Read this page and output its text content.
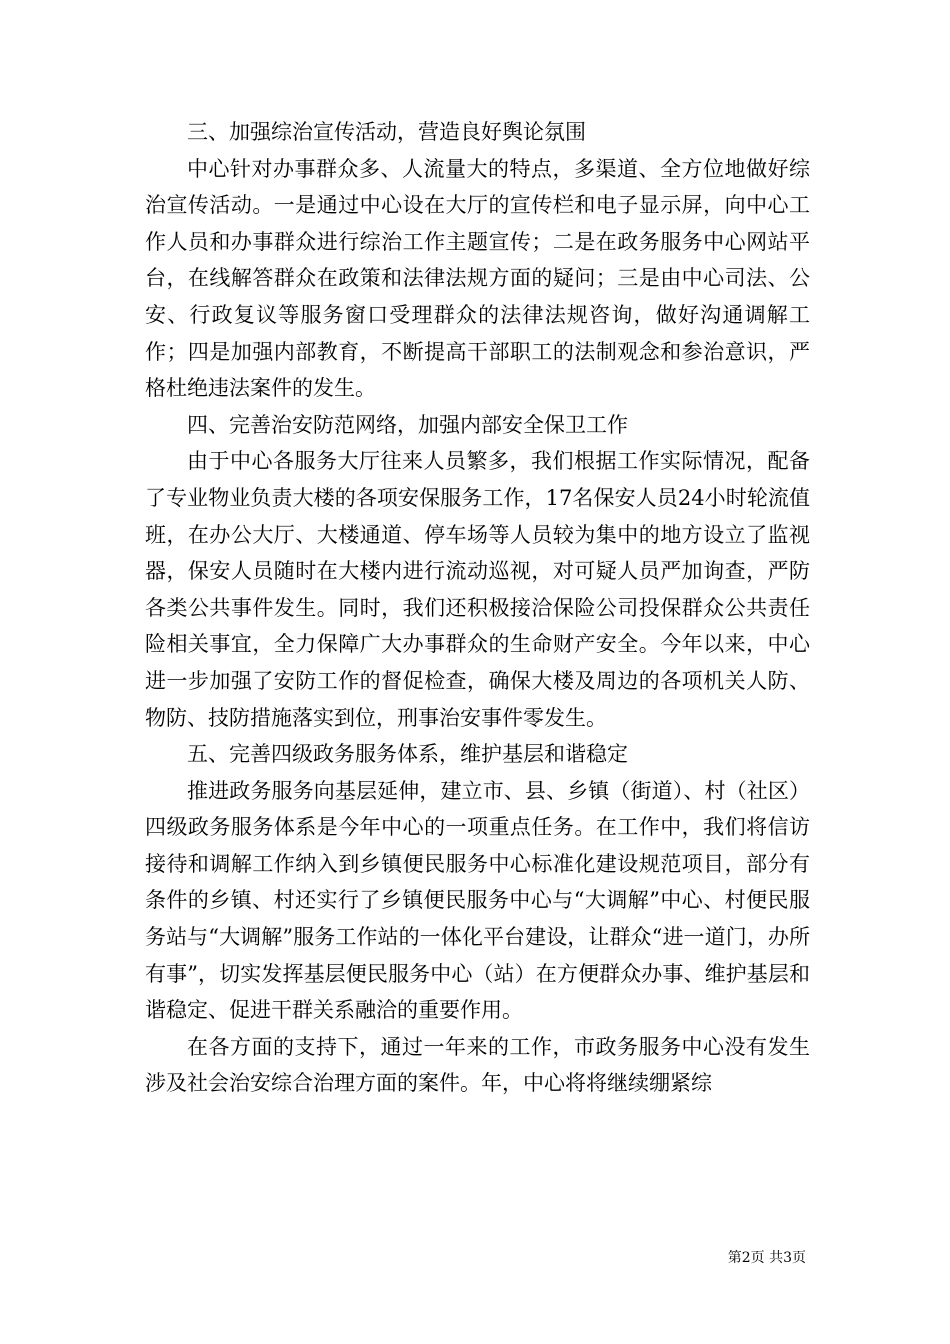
三、加强综治宣传活动，营造良好舆论氛围

中心针对办事群众多、人流量大的特点，多渠道、全方位地做好综治宣传活动。一是通过中心设在大厅的宣传栏和电子显示屏，向中心工作人员和办事群众进行综治工作主题宣传；二是在政务服务中心网站平台，在线解答群众在政策和法律法规方面的疑问；三是由中心司法、公安、行政复议等服务窗口受理群众的法律法规咨询，做好沟通调解工作；四是加强内部教育，不断提高干部职工的法制观念和参治意识，严格杜绝违法案件的发生。

四、完善治安防范网络，加强内部安全保卫工作

由于中心各服务大厅往来人员繁多，我们根据工作实际情况，配备了专业物业负责大楼的各项安保服务工作，17名保安人员24小时轮流值班，在办公大厅、大楼通道、停车场等人员较为集中的地方设立了监视器，保安人员随时在大楼内进行流动巡视，对可疑人员严加询查，严防各类公共事件发生。同时，我们还积极接洽保险公司投保群众公共责任险相关事宜，全力保障广大办事群众的生命财产安全。今年以来，中心进一步加强了安防工作的督促检查，确保大楼及周边的各项机关人防、物防、技防措施落实到位，刑事治安事件零发生。

五、完善四级政务服务体系，维护基层和谐稳定

推进政务服务向基层延伸，建立市、县、乡镇（街道）、村（社区）四级政务服务体系是今年中心的一项重点任务。在工作中，我们将信访接待和调解工作纳入到乡镇便民服务中心标准化建设规范项目，部分有条件的乡镇、村还实行了乡镇便民服务中心与“大调解”中心、村便民服务站与“大调解”服务工作站的一体化平台建设，让群众“进一道门，办所有事”，切实发挥基层便民服务中心（站）在方便群众办事、维护基层和谐稳定、促进干群关系融洽的重要作用。

在各方面的支持下，通过一年来的工作，市政务服务中心没有发生涉及社会治安综合治理方面的案件。年，中心将将继续绷紧综

第2页 共3页
